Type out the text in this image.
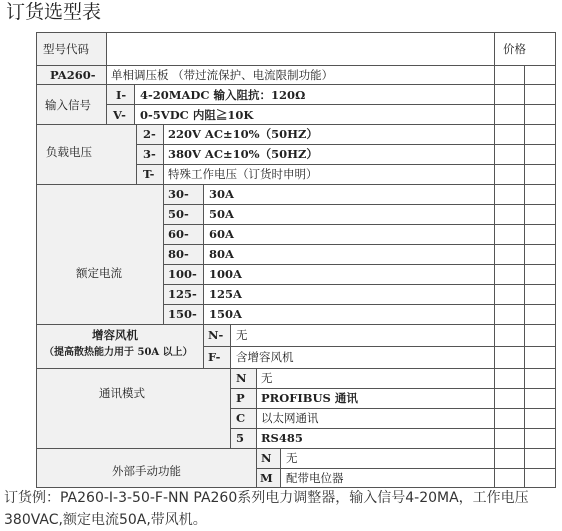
订货选型表
型号代码	价格
PA260- 单相调压板 （带过流保护、电流限制功能）
输入信号
I- 4-20MADC 输入阻抗：120Ω
V- 0-5VDC 内阻≧10K
负载电压
2- 220V AC±10%（50HZ）
3- 380V AC±10%（50HZ）
T- 特殊工作电压（订货时申明）
额定电流
30- 30A
50- 50A
60- 60A
80- 80A
100- 100A
125- 125A
150- 150A
增容风机
（提高散热能力用于 50A 以上）
N- 无
F- 含增容风机
通讯模式
N 无
P PROFIBUS 通讯
C 以太网通讯
5 RS485
外部手动功能
N 无
M 配带电位器
订货例：PA260-I-3-50-F-NN PA260系列电力调整器，输入信号4-20MA，工作电压380VAC,额定电流50A,带风机。
